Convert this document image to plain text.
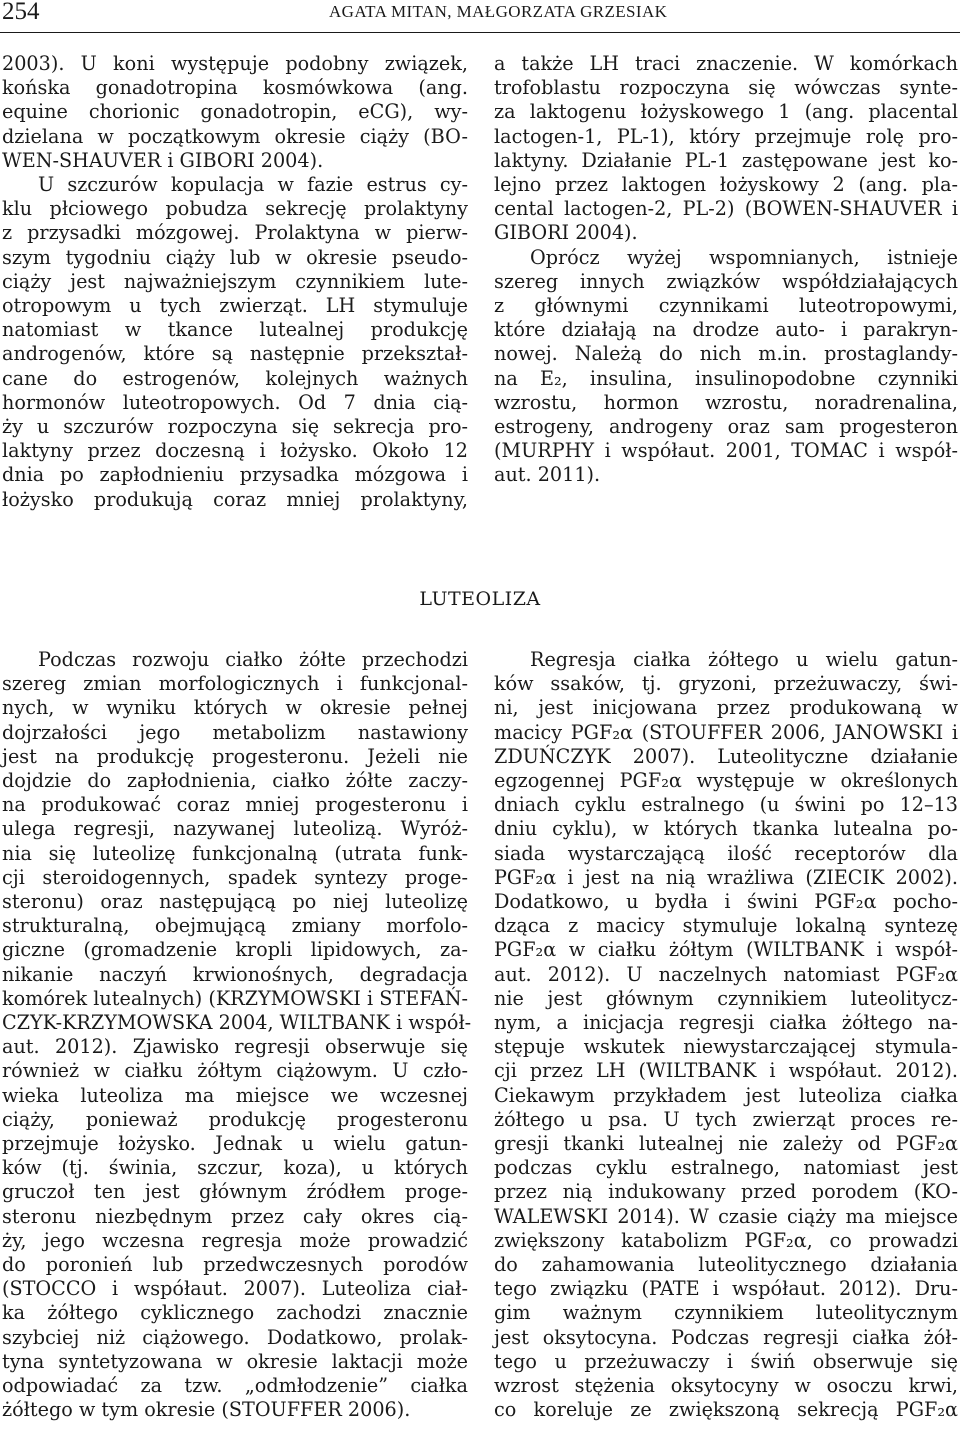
254	AGATA MITAN, MAŁGORZATA GRZESIAK
2003). U koni występuje podobny związek,
końska gonadotropina kosmówkowa (ang.
equine chorionic gonadotropin, eCG), wy-
dzielana w początkowym okresie ciąży (BO-
WEN-SHAUVER i GIBORI 2004).
U szczurów kopulacja w fazie estrus cy-
klu płciowego pobudza sekrecję prolaktyny
z przysadki mózgowej. Prolaktyna w pierw-
szym tygodniu ciąży lub w okresie pseudo-
ciąży jest najważniejszym czynnikiem lute-
otropowym u tych zwierząt. LH stymuluje
natomiast w tkance lutealnej produkcję
androgenów, które są następnie przekształ-
cane do estrogenów, kolejnych ważnych
hormonów luteotropowych. Od 7 dnia cią-
ży u szczurów rozpoczyna się sekrecja pro-
laktyny przez doczesną i łożysko. Około 12
dnia po zapłodnieniu przysadka mózgowa i
łożysko produkują coraz mniej prolaktyny,
a także LH traci znaczenie. W komórkach
trofoblastu rozpoczyna się wówczas synte-
za laktogenu łożyskowego 1 (ang. placental
lactogen-1, PL-1), który przejmuje rolę pro-
laktyny. Działanie PL-1 zastępowane jest ko-
lejno przez laktogen łożyskowy 2 (ang. pla-
cental lactogen-2, PL-2) (BOWEN-SHAUVER i
GIBORI 2004).
Oprócz wyżej wspomnianych, istnieje
szereg innych związków współdziałających
z głównymi czynnikami luteotropowymi,
które działają na drodze auto- i parakryn-
nowej. Należą do nich m.in. prostaglandy-
na E₂, insulina, insulinopodobne czynniki
wzrostu, hormon wzrostu, noradrenalina,
estrogeny, androgeny oraz sam progesteron
(MURPHY i współaut. 2001, TOMAC i współ-
aut. 2011).
LUTEOLIZA
Podczas rozwoju ciałko żółte przechodzi
szereg zmian morfologicznych i funkcjonal-
nych, w wyniku których w okresie pełnej
dojrzałości jego metabolizm nastawiony
jest na produkcję progesteronu. Jeżeli nie
dojdzie do zapłodnienia, ciałko żółte zaczy-
na produkować coraz mniej progesteronu i
ulega regresji, nazywanej luteolizą. Wyróż-
nia się luteolizę funkcjonalną (utrata funk-
cji steroidogennych, spadek syntezy proge-
steronu) oraz następującą po niej luteolizę
strukturalną, obejmującą zmiany morfolo-
giczne (gromadzenie kropli lipidowych, za-
nikanie naczyń krwionośnych, degradacja
komórek lutealnych) (KRZYMOWSKI i STEFAŃ-
CZYK-KRZYMOWSKA 2004, WILTBANK i współ-
aut. 2012). Zjawisko regresji obserwuje się
również w ciałku żółtym ciążowym. U czło-
wieka luteoliza ma miejsce we wczesnej
ciąży, ponieważ produkcję progesteronu
przejmuje łożysko. Jednak u wielu gatun-
ków (tj. świnia, szczur, koza), u których
gruczoł ten jest głównym źródłem proge-
steronu niezbędnym przez cały okres cią-
ży, jego wczesna regresja może prowadzić
do poronień lub przedwczesnych porodów
(STOCCO i współaut. 2007). Luteoliza ciał-
ka żółtego cyklicznego zachodzi znacznie
szybciej niż ciążowego. Dodatkowo, prolak-
tyna syntetyzowana w okresie laktacji może
odpowiadać za tzw. „odmłodzenie” ciałka
żółtego w tym okresie (STOUFFER 2006).
Regresja ciałka żółtego u wielu gatun-
ków ssaków, tj. gryzoni, przeżuwaczy, świ-
ni, jest inicjowana przez produkowaną w
macicy PGF₂α (STOUFFER 2006, JANOWSKI i
ZDUŃCZYK 2007). Luteolityczne działanie
egzogennej PGF₂α występuje w określonych
dniach cyklu estralnego (u świni po 12–13
dniu cyklu), w których tkanka lutealna po-
siada wystarczającą ilość receptorów dla
PGF₂α i jest na nią wrażliwa (ZIECIK 2002).
Dodatkowo, u bydła i świni PGF₂α pocho-
dząca z macicy stymuluje lokalną syntezę
PGF₂α w ciałku żółtym (WILTBANK i współ-
aut. 2012). U naczelnych natomiast PGF₂α
nie jest głównym czynnikiem luteolitycz-
nym, a inicjacja regresji ciałka żółtego na-
stępuje wskutek niewystarczającej stymula-
cji przez LH (WILTBANK i współaut. 2012).
Ciekawym przykładem jest luteoliza ciałka
żółtego u psa. U tych zwierząt proces re-
gresji tkanki lutealnej nie zależy od PGF₂α
podczas cyklu estralnego, natomiast jest
przez nią indukowany przed porodem (KO-
WALEWSKI 2014). W czasie ciąży ma miejsce
zwiększony katabolizm PGF₂α, co prowadzi
do zahamowania luteolitycznego działania
tego związku (PATE i współaut. 2012). Dru-
gim ważnym czynnikiem luteolitycznym
jest oksytocyna. Podczas regresji ciałka żół-
tego u przeżuwaczy i świń obserwuje się
wzrost stężenia oksytocyny w osoczu krwi,
co koreluje ze zwiększoną sekrecją PGF₂α
